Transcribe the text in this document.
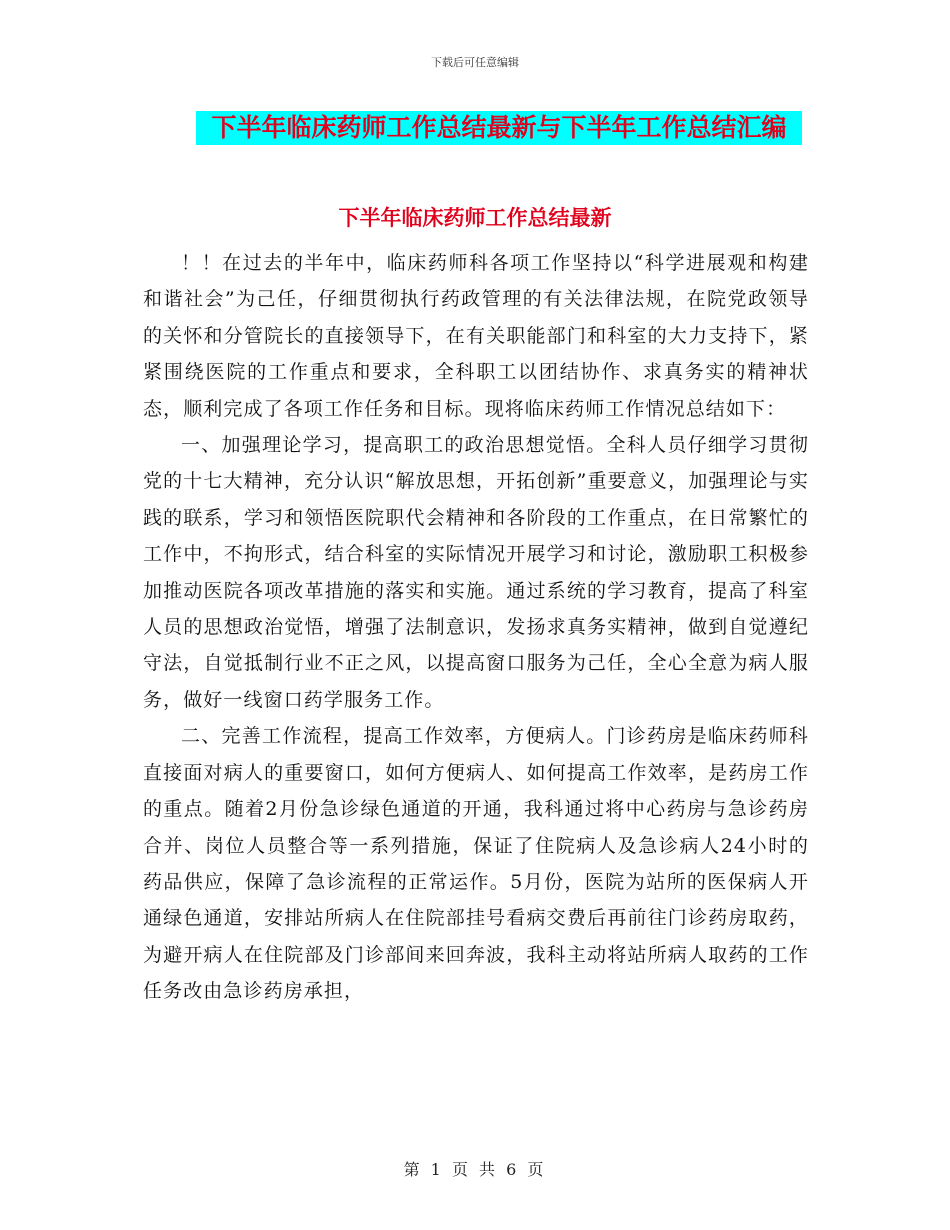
下载后可任意编辑
下半年临床药师工作总结最新与下半年工作总结汇编
下半年临床药师工作总结最新

！！在过去的半年中，临床药师科各项工作坚持以“科学进展观和构建和谐社会”为己任，仔细贯彻执行药政管理的有关法律法规，在院党政领导的关怀和分管院长的直接领导下，在有关职能部门和科室的大力支持下，紧紧围绕医院的工作重点和要求，全科职工以团结协作、求真务实的精神状态，顺利完成了各项工作任务和目标。现将临床药师工作情况总结如下：

一、加强理论学习，提高职工的政治思想觉悟。全科人员仔细学习贯彻党的十七大精神，充分认识“解放思想，开拓创新”重要意义，加强理论与实践的联系，学习和领悟医院职代会精神和各阶段的工作重点，在日常繁忙的工作中，不拘形式，结合科室的实际情况开展学习和讨论，激励职工积极参加推动医院各项改革措施的落实和实施。通过系统的学习教育，提高了科室人员的思想政治觉悟，增强了法制意识，发扬求真务实精神，做到自觉遵纪守法，自觉抵制行业不正之风，以提高窗口服务为己任，全心全意为病人服务，做好一线窗口药学服务工作。

二、完善工作流程，提高工作效率，方便病人。门诊药房是临床药师科直接面对病人的重要窗口，如何方便病人、如何提高工作效率，是药房工作的重点。随着2月份急诊绿色通道的开通，我科通过将中心药房与急诊药房合并、岗位人员整合等一系列措施，保证了住院病人及急诊病人24小时的药品供应，保障了急诊流程的正常运作。5月份，医院为站所的医保病人开通绿色通道，安排站所病人在住院部挂号看病交费后再前往门诊药房取药，为避开病人在住院部及门诊部间来回奔波，我科主动将站所病人取药的工作任务改由急诊药房承担，

第 1 页 共 6 页
